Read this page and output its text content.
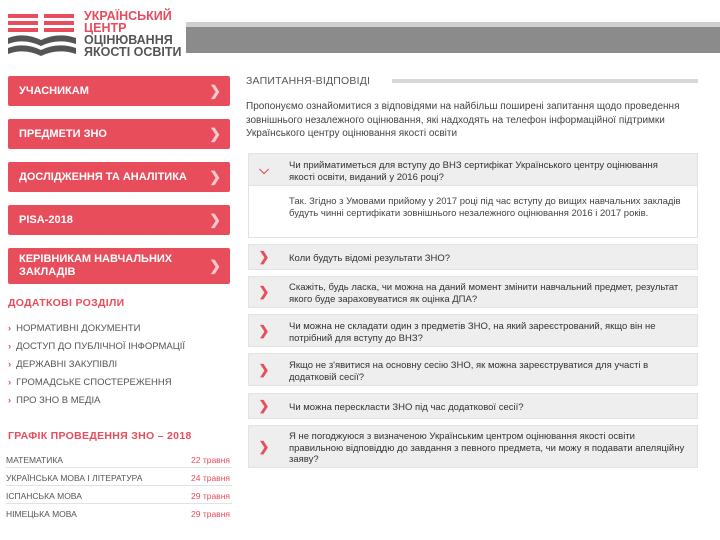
УКРАЇНСЬКИЙ
ЦЕНТР
ОЦІНЮВАННЯ
ЯКОСТІ ОСВІТИ
УЧАСНИКАМ	❯
ПРЕДМЕТИ ЗНО	❯
ДОСЛІДЖЕННЯ ТА АНАЛІТИКА ❯
PISA-2018	❯
КЕРІВНИКАМ НАВЧАЛЬНИХ ЗАКЛАДІВ	❯
ДОДАТКОВІ РОЗДІЛИ
› НОРМАТИВНІ ДОКУМЕНТИ
› ДОСТУП ДО ПУБЛІЧНОЇ ІНФОРМАЦІЇ
› ДЕРЖАВНІ ЗАКУПІВЛІ
› ГРОМАДСЬКЕ СПОСТЕРЕЖЕННЯ
› ПРО ЗНО В МЕДІА
ГРАФІК ПРОВЕДЕННЯ ЗНО – 2018
МАТЕМАТИКА	22 травня
УКРАЇНСЬКА МОВА І ЛІТЕРАТУРА	24 травня
ІСПАНСЬКА МОВА	29 травня
НІМЕЦЬКА МОВА	29 травня
ЗАПИТАННЯ-ВІДПОВІДІ
Пропонуємо ознайомитися з відповідями на найбільш поширені запитання щодо проведення зовнішнього незалежного оцінювання, які надходять на телефон інформаційної підтримки Українського центру оцінювання якості освіти
⌵	Чи прийматиметься для вступу до ВНЗ сертифікат Українського центру оцінювання якості освіти, виданий у 2016 році?
Так. Згідно з Умовами прийому у 2017 році під час вступу до вищих навчальних закладів будуть чинні сертифікати зовнішнього незалежного оцінювання 2016 і 2017 років.
❯	Коли будуть відомі результати ЗНО?
❯	Скажіть, будь ласка, чи можна на даний момент змінити навчальний предмет, результат якого буде зараховуватися як оцінка ДПА?
❯	Чи можна не складати один з предметів ЗНО, на який зареєстрований, якщо він не потрібний для вступу до ВНЗ?
❯	Якщо не з'явитися на основну сесію ЗНО, як можна зареєструватися для участі в додатковій сесії?
❯	Чи можна перескласти ЗНО під час додаткової сесії?
❯
Я не погоджуюся з визначеною Українським центром оцінювання якості освіти правильною відповіддю до завдання з певного предмета, чи можу я подавати апеляційну заяву?
